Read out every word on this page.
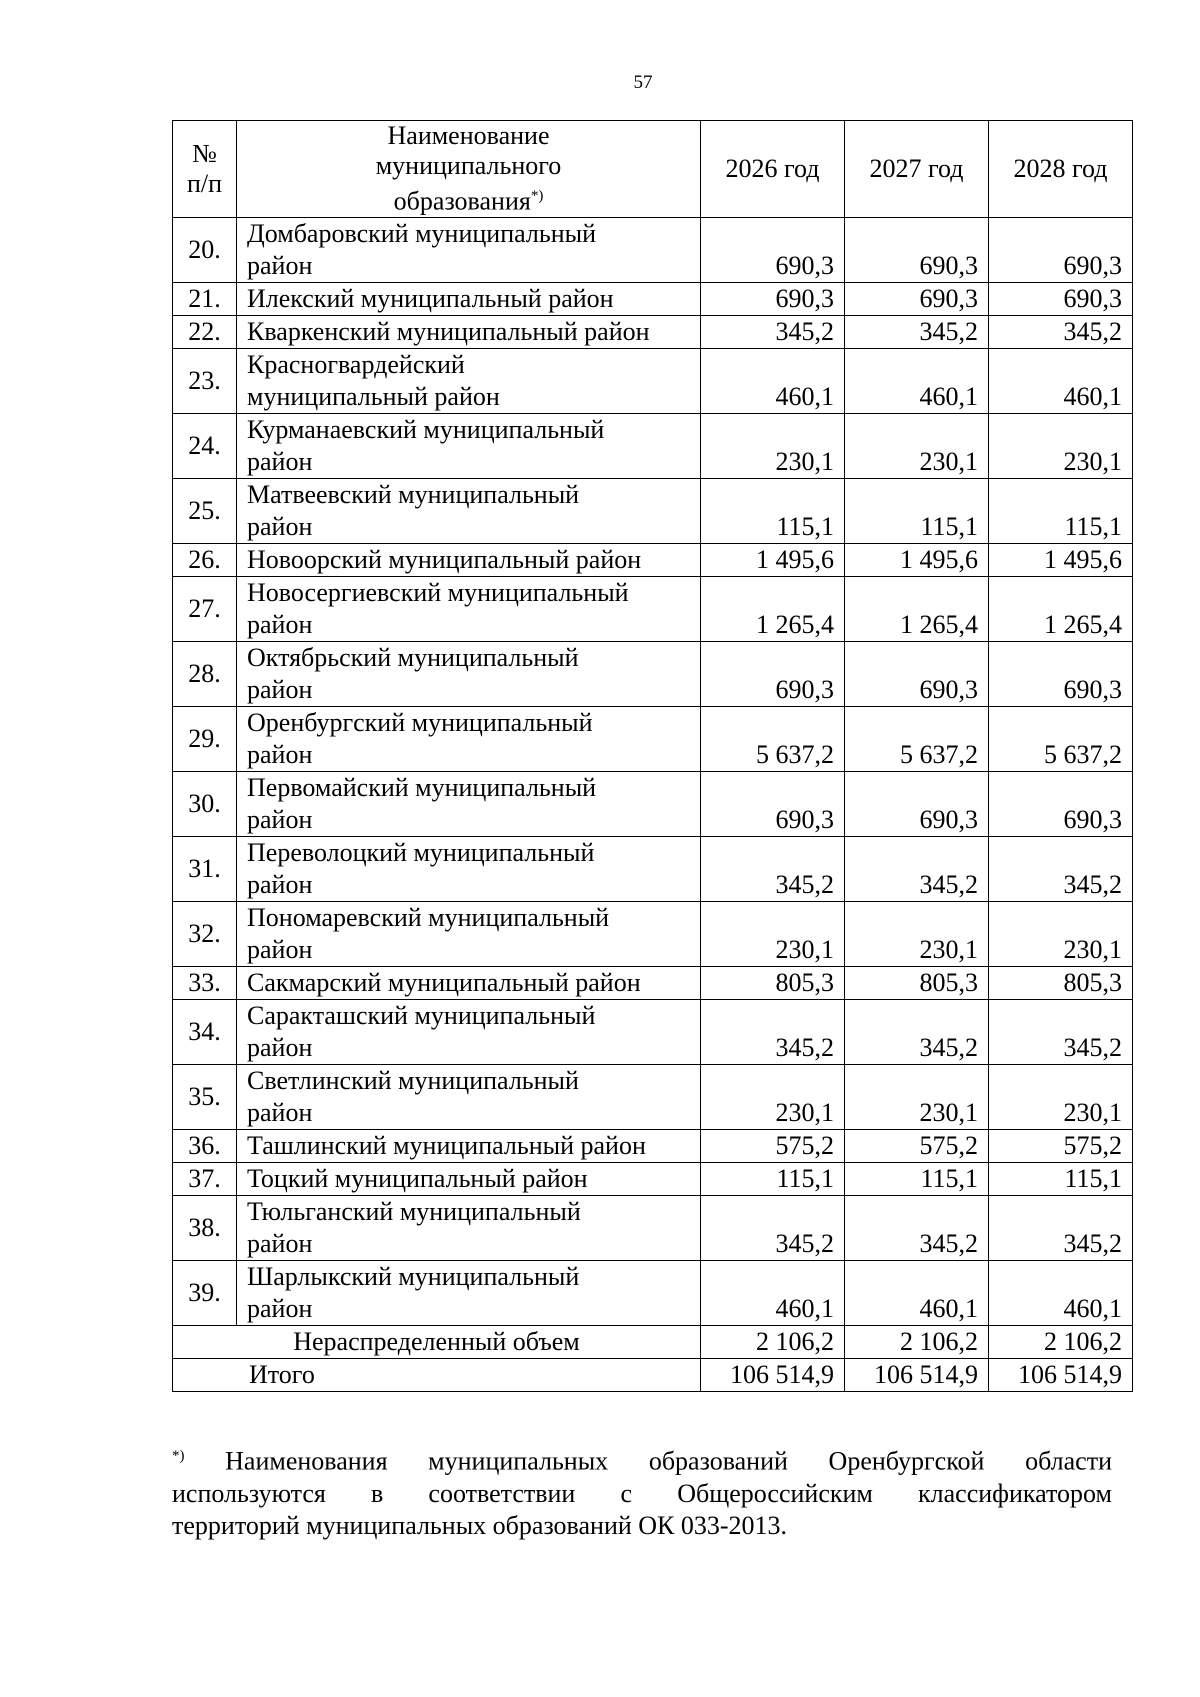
57
№
п/п	Наименование
муниципального
образования*)	2026 год	2027 год	2028 год
20.	Домбаровский муниципальный
район	690,3	690,3	690,3
21.	Илекский муниципальный район	690,3	690,3	690,3
22.	Кваркенский муниципальный район	345,2	345,2	345,2
23.	Красногвардейский
муниципальный район	460,1	460,1	460,1
24.	Курманаевский муниципальный
район	230,1	230,1	230,1
25.	Матвеевский муниципальный
район	115,1	115,1	115,1
26.	Новоорский муниципальный район	1 495,6	1 495,6	1 495,6
27.	Новосергиевский муниципальный
район	1 265,4	1 265,4	1 265,4
28.	Октябрьский муниципальный
район	690,3	690,3	690,3
29.	Оренбургский муниципальный
район	5 637,2	5 637,2	5 637,2
30.	Первомайский муниципальный
район	690,3	690,3	690,3
31.	Переволоцкий муниципальный
район	345,2	345,2	345,2
32.	Пономаревский муниципальный
район	230,1	230,1	230,1
33.	Сакмарский муниципальный район	805,3	805,3	805,3
34.	Саракташский муниципальный
район	345,2	345,2	345,2
35.	Светлинский муниципальный
район	230,1	230,1	230,1
36.	Ташлинский муниципальный район	575,2	575,2	575,2
37.	Тоцкий муниципальный район	115,1	115,1	115,1
38.	Тюльганский муниципальный
район	345,2	345,2	345,2
39.	Шарлыкский муниципальный
район	460,1	460,1	460,1
Нераспределенный объем		2 106,2	2 106,2	2 106,2
Итого		106 514,9	106 514,9	106 514,9

*) Наименования муниципальных образований Оренбургской области

используются в соответствии с Общероссийским классификатором

территорий муниципальных образований ОК 033-2013.
